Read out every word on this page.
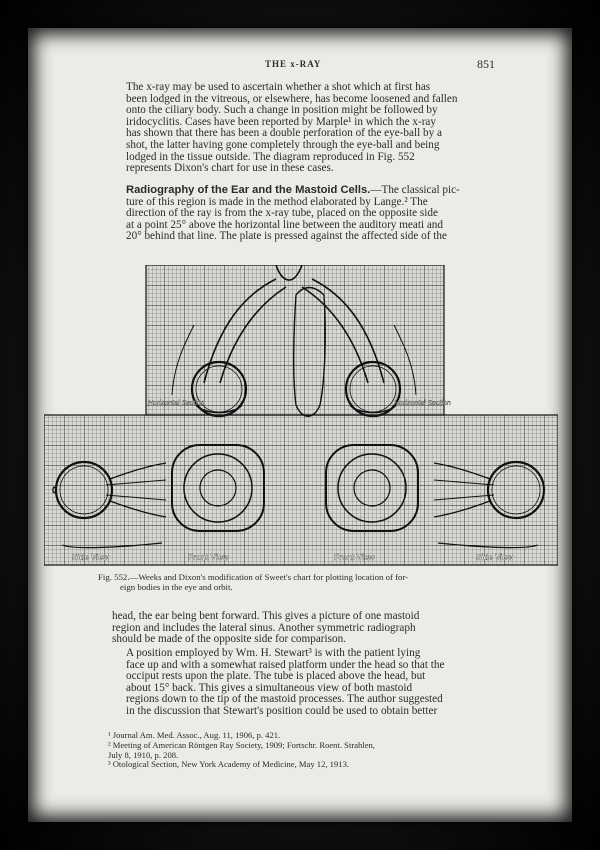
THE x-RAY	851
The x-ray may be used to ascertain whether a shot which at first has
been lodged in the vitreous, or elsewhere, has become loosened and fallen
onto the ciliary body. Such a change in position might be followed by
iridocyclitis. Cases have been reported by Marple¹ in which the x-ray
has shown that there has been a double perforation of the eye-ball by a
shot, the latter having gone completely through the eye-ball and being
lodged in the tissue outside. The diagram reproduced in Fig. 552
represents Dixon's chart for use in these cases.
Radiography of the Ear and the Mastoid Cells.—The classical pic-
ture of this region is made in the method elaborated by Lange.² The
direction of the ray is from the x-ray tube, placed on the opposite side
at a point 25° above the horizontal line between the auditory meati and
20° behind that line. The plate is pressed against the affected side of the
Horizontal Section	Horizontal Section
Side View	Front View	Front View	Side View
Fig. 552.—Weeks and Dixon's modification of Sweet's chart for plotting location of for-
eign bodies in the eye and orbit.
head, the ear being bent forward. This gives a picture of one mastoid
region and includes the lateral sinus. Another symmetric radiograph
should be made of the opposite side for comparison.
A position employed by Wm. H. Stewart³ is with the patient lying
face up and with a somewhat raised platform under the head so that the
occiput rests upon the plate. The tube is placed above the head, but
about 15° back. This gives a simultaneous view of both mastoid
regions down to the tip of the mastoid processes. The author suggested
in the discussion that Stewart's position could be used to obtain better

¹ Journal Am. Med. Assoc., Aug. 11, 1906, p. 421.

² Meeting of American Röntgen Ray Society, 1909; Fortschr. Roent. Strahlen,

July 8, 1910, p. 208.

³ Otological Section, New York Academy of Medicine, May 12, 1913.
